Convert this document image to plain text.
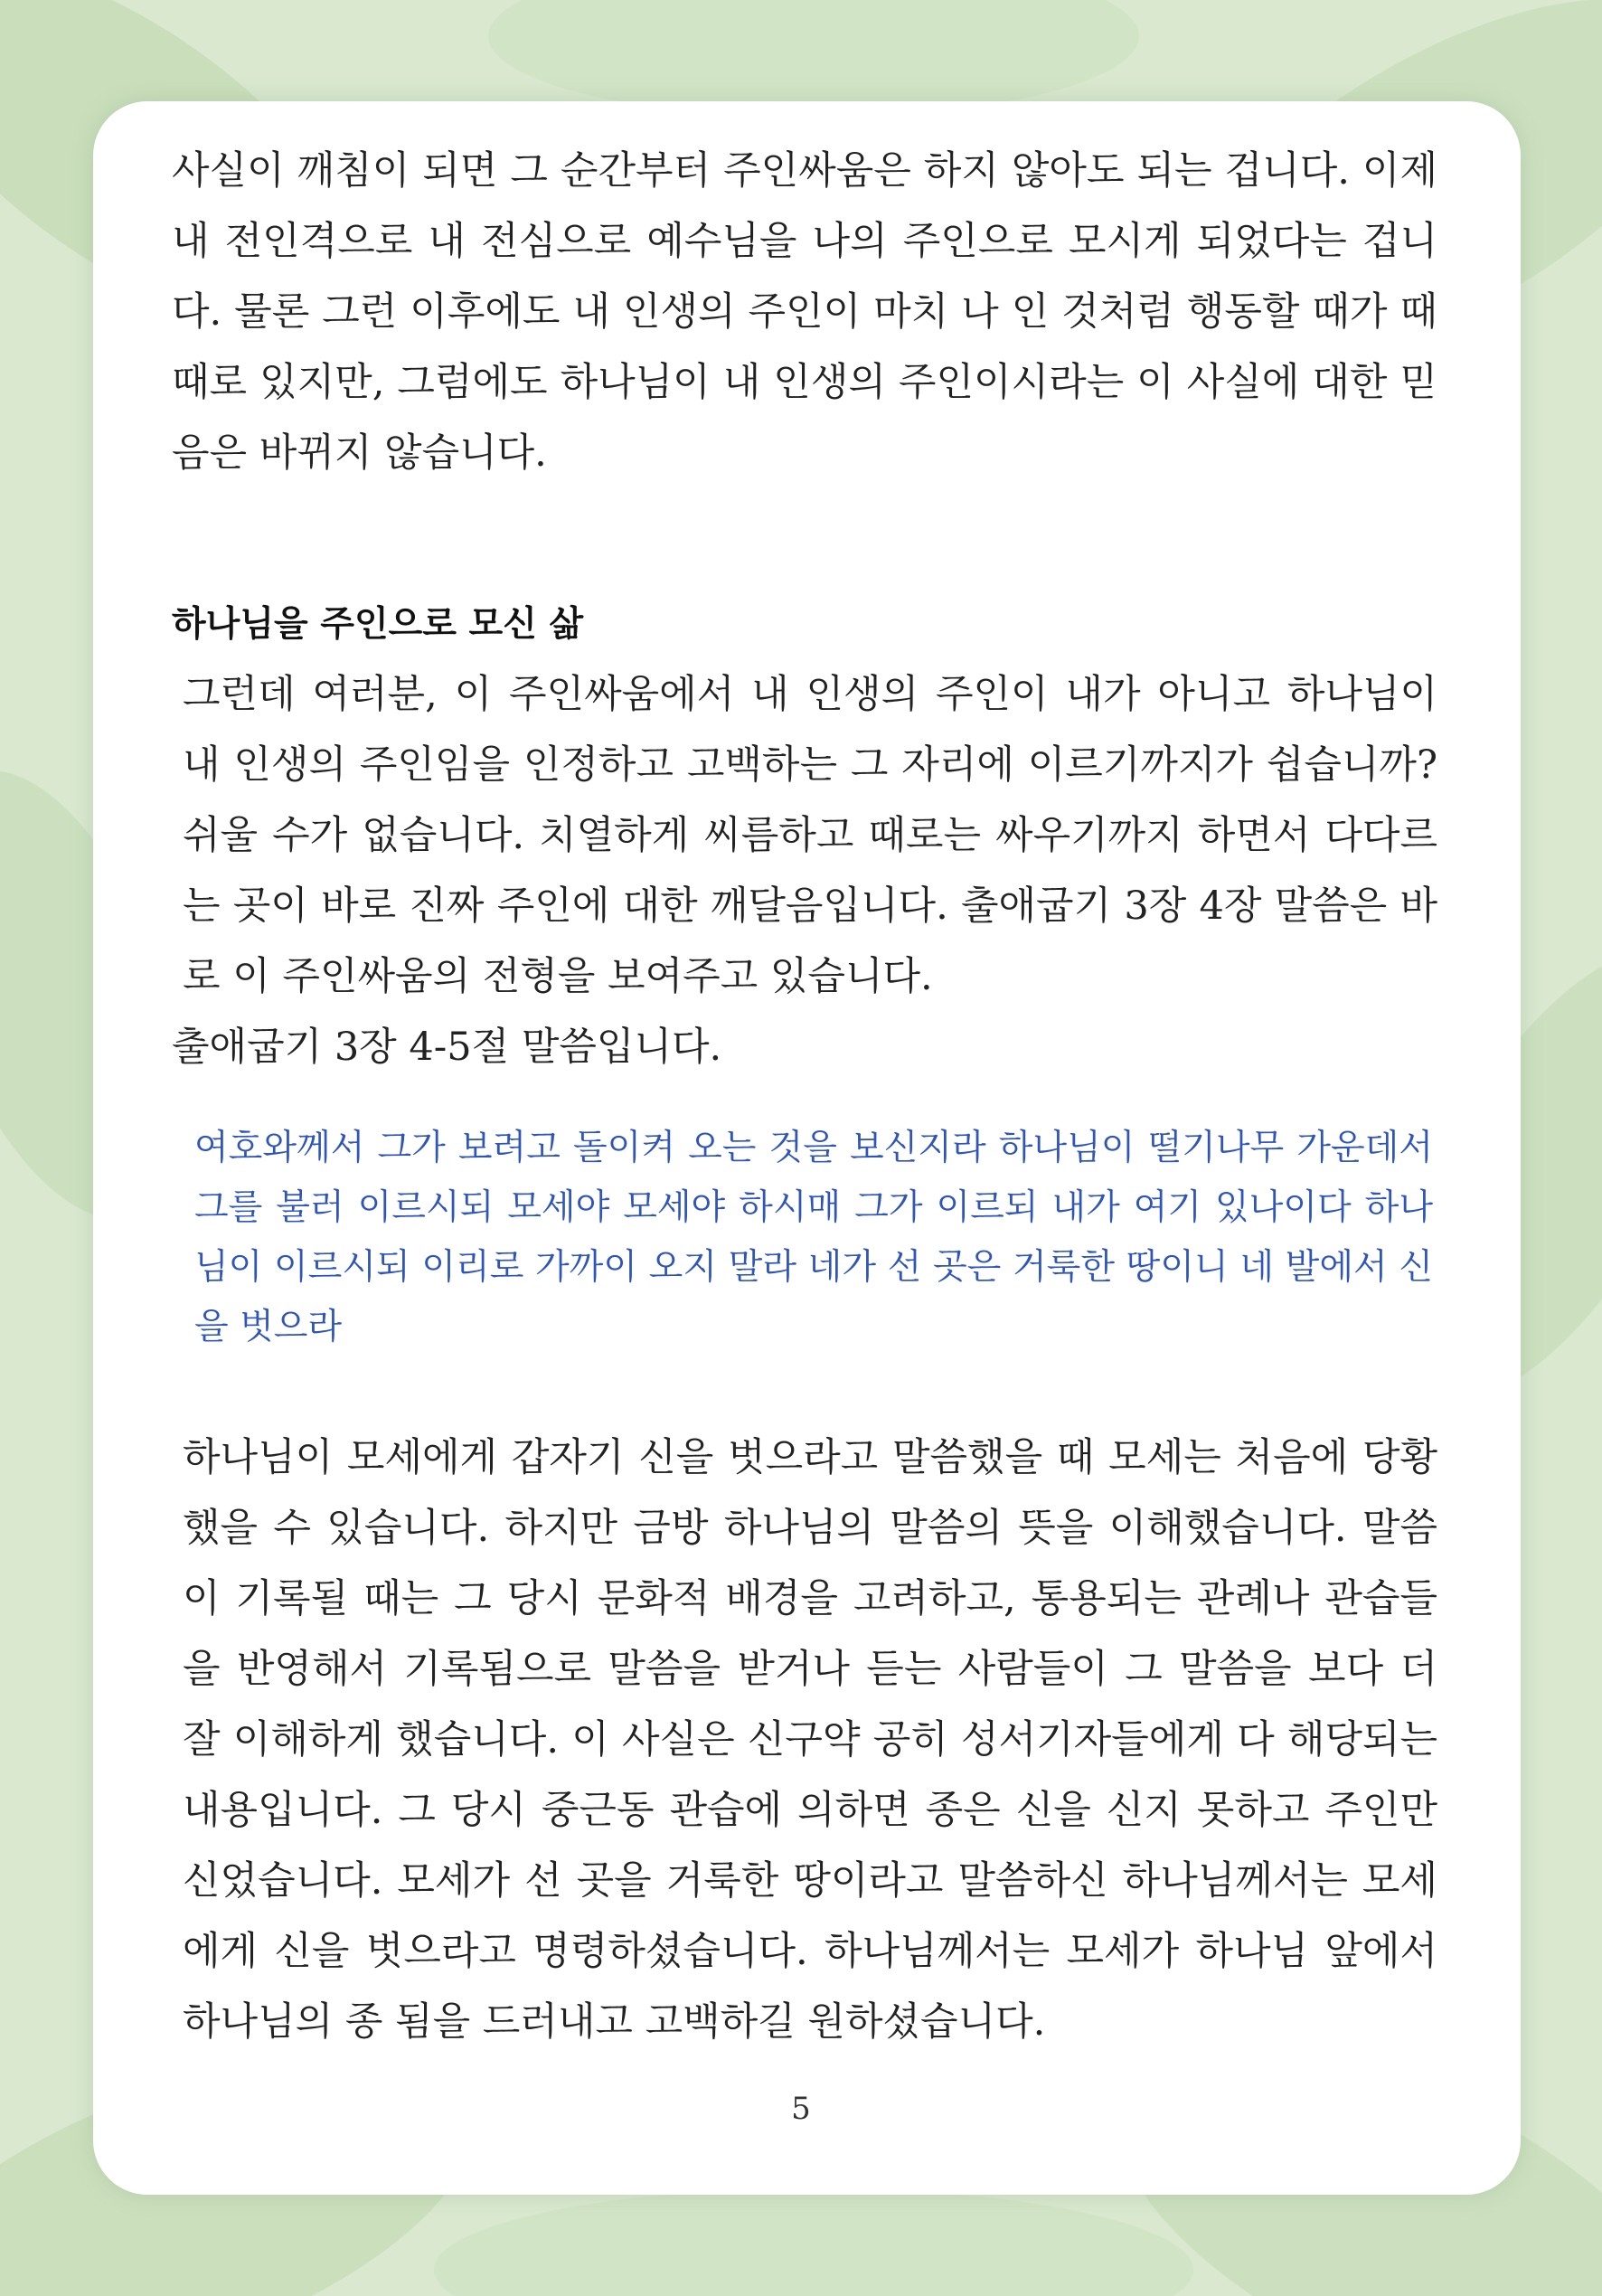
사실이 깨침이 되면 그 순간부터 주인싸움은 하지 않아도 되는 겁니다. 이제 내 전인격으로 내 전심으로 예수님을 나의 주인으로 모시게 되었다는 겁니다. 물론 그런 이후에도 내 인생의 주인이 마치 나 인 것처럼 행동할 때가 때때로 있지만, 그럼에도 하나님이 내 인생의 주인이시라는 이 사실에 대한 믿음은 바뀌지 않습니다.

하나님을 주인으로 모신 삶

그런데 여러분, 이 주인싸움에서 내 인생의 주인이 내가 아니고 하나님이 내 인생의 주인임을 인정하고 고백하는 그 자리에 이르기까지가 쉽습니까? 쉬울 수가 없습니다. 치열하게 씨름하고 때로는 싸우기까지 하면서 다다르는 곳이 바로 진짜 주인에 대한 깨달음입니다. 출애굽기 3장 4장 말씀은 바로 이 주인싸움의 전형을 보여주고 있습니다.

출애굽기 3장 4-5절 말씀입니다.

여호와께서 그가 보려고 돌이켜 오는 것을 보신지라 하나님이 떨기나무 가운데서 그를 불러 이르시되 모세야 모세야 하시매 그가 이르되 내가 여기 있나이다 하나님이 이르시되 이리로 가까이 오지 말라 네가 선 곳은 거룩한 땅이니 네 발에서 신을 벗으라

하나님이 모세에게 갑자기 신을 벗으라고 말씀했을 때 모세는 처음에 당황했을 수 있습니다. 하지만 금방 하나님의 말씀의 뜻을 이해했습니다. 말씀이 기록될 때는 그 당시 문화적 배경을 고려하고, 통용되는 관례나 관습들을 반영해서 기록됨으로 말씀을 받거나 듣는 사람들이 그 말씀을 보다 더 잘 이해하게 했습니다. 이 사실은 신구약 공히 성서기자들에게 다 해당되는 내용입니다. 그 당시 중근동 관습에 의하면 종은 신을 신지 못하고 주인만 신었습니다. 모세가 선 곳을 거룩한 땅이라고 말씀하신 하나님께서는 모세에게 신을 벗으라고 명령하셨습니다. 하나님께서는 모세가 하나님 앞에서 하나님의 종 됨을 드러내고 고백하길 원하셨습니다.

5
